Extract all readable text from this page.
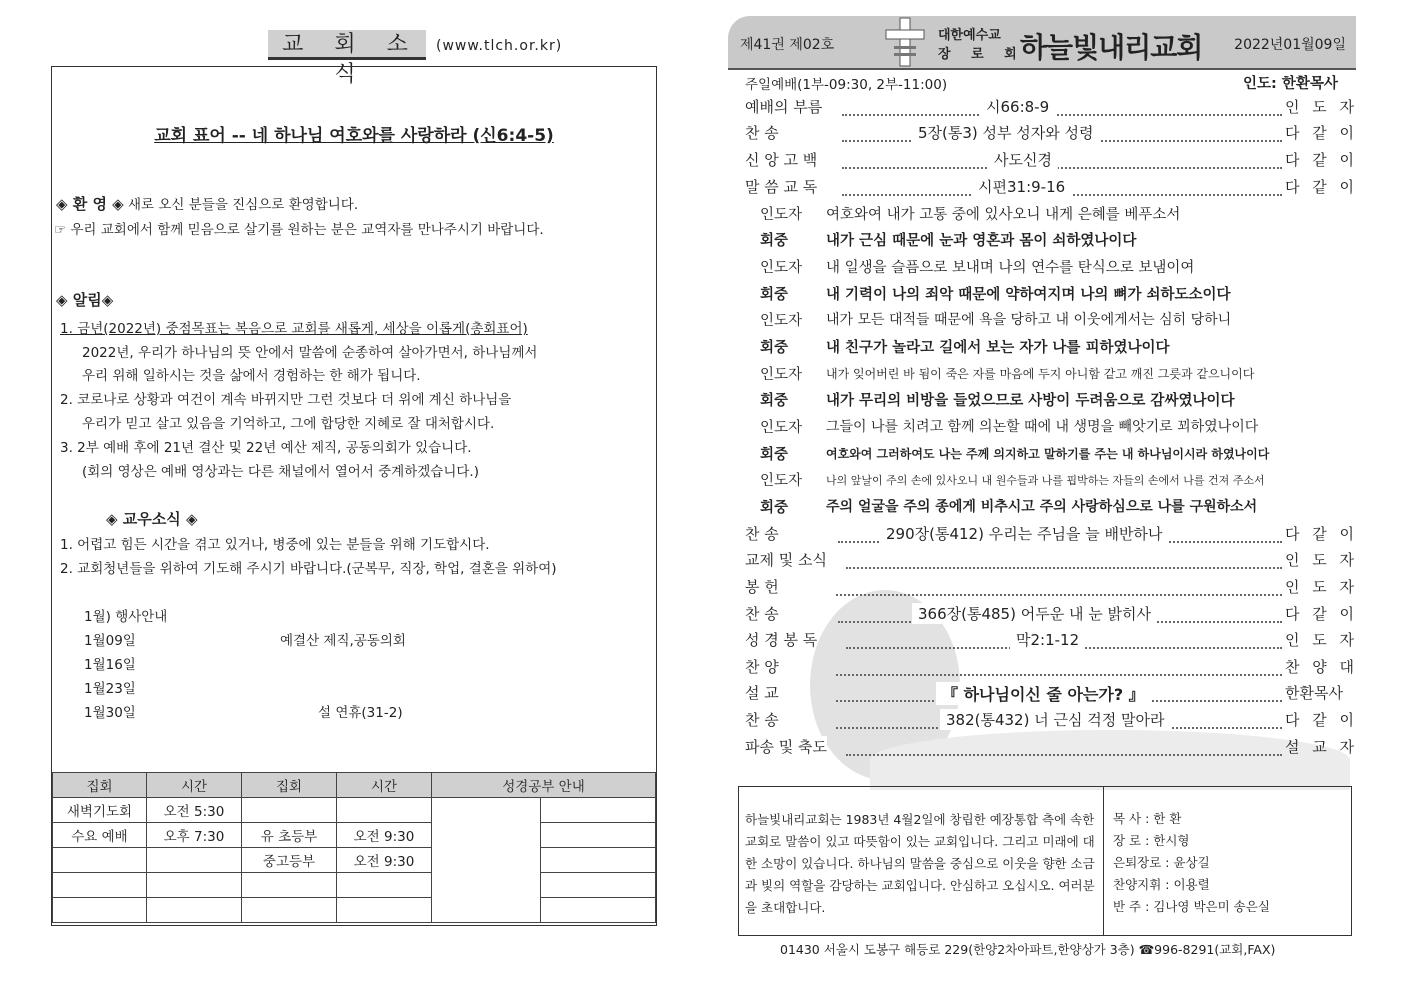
교 회 소 식
(www.tlch.or.kr)
교회 표어 -- 네 하나님 여호와를 사랑하라 (신6:4-5)
◈ 환 영 ◈ 새로 오신 분들을 진심으로 환영합니다.
☞ 우리 교회에서 함께 믿음으로 살기를 원하는 분은 교역자를 만나주시기 바랍니다.
◈ 알림◈
1. 금년(2022년) 중점목표는 복음으로 교회를 새롭게, 세상을 이롭게(총회표어)
2022년, 우리가 하나님의 뜻 안에서 말씀에 순종하여 살아가면서, 하나님께서
우리 위해 일하시는 것을 삶에서 경험하는 한 해가 됩니다.
2. 코로나로 상황과 여건이 계속 바뀌지만 그런 것보다 더 위에 계신 하나님을
우리가 믿고 살고 있음을 기억하고, 그에 합당한 지혜로 잘 대처합시다.
3. 2부 예배 후에 21년 결산 및 22년 예산 제직, 공동의회가 있습니다.
(회의 영상은 예배 영상과는 다른 채널에서 열어서 중계하겠습니다.)
◈ 교우소식 ◈
1. 어렵고 힘든 시간을 겪고 있거나, 병중에 있는 분들을 위해 기도합시다.
2. 교회청년들을 위하여 기도해 주시기 바랍니다.(군복무, 직장, 학업, 결혼을 위하여)
1월) 행사안내
1월09일	예결산 제직,공동의회
1월16일
1월23일
1월30일	설 연휴(31-2)
집회	시간	집회	시간	성경공부 안내	
새벽기도회	오전 5:30				
수요 예배	오후 7:30	유 초등부	오전 9:30		
		중고등부	오전 9:30		

제41권 제02호
대한예수교
장 로 회
하늘빛내리교회 2022년01월09일
주일예배(1부-09:30, 2부-11:00)	인도: 한환목사
예배의 부름	시66:8-9	인 도 자
찬 송	5장(통3) 성부 성자와 성령	다 같 이
신 앙 고 백	사도신경	다 같 이
말 씀 교 독	시편31:9-16	다 같 이
인도자 여호와여 내가 고통 중에 있사오니 내게 은혜를 베푸소서
회중	내가 근심 때문에 눈과 영혼과 몸이 쇠하였나이다
인도자 내 일생을 슬픔으로 보내며 나의 연수를 탄식으로 보냄이여
회중	내 기력이 나의 죄악 때문에 약하여지며 나의 뼈가 쇠하도소이다
인도자 내가 모든 대적들 때문에 욕을 당하고 내 이웃에게서는 심히 당하니
회중	내 친구가 놀라고 길에서 보는 자가 나를 피하였나이다
인도자 내가 잊어버린 바 됨이 죽은 자를 마음에 두지 아니함 같고 깨진 그릇과 같으니이다
회중	내가 무리의 비방을 들었으므로 사방이 두려움으로 감싸였나이다
인도자 그들이 나를 치려고 함께 의논할 때에 내 생명을 빼앗기로 꾀하였나이다
회중	여호와여 그러하여도 나는 주께 의지하고 말하기를 주는 내 하나님이시라 하였나이다
인도자 나의 앞날이 주의 손에 있사오니 내 원수들과 나를 핍박하는 자들의 손에서 나를 건져 주소서
회중	주의 얼굴을 주의 종에게 비추시고 주의 사랑하심으로 나를 구원하소서
찬 송	290장(통412) 우리는 주님을 늘 배반하나	다 같 이
교제 및 소식	인 도 자
봉 헌	인 도 자
찬 송	366장(통485) 어두운 내 눈 밝히사	다 같 이
성 경 봉 독	막2:1-12	인 도 자
찬 양	찬 양 대
설 교	『 하나님이신 줄 아는가? 』	한환목사
찬 송	382(통432) 너 근심 걱정 말아라	다 같 이
파송 및 축도	설 교 자
하늘빛내리교회는 1983년 4월2일에 창립한 예장통합 측에 속한 교회로 말씀이 있고 따뜻함이 있는 교회입니다. 그리고 미래에 대한 소망이 있습니다. 하나님의 말씀을 중심으로 이웃을 향한 소금과 빛의 역할을 감당하는 교회입니다. 안심하고 오십시오. 여러분을 초대합니다.
목 사 : 한 환
장 로 : 한시형
은퇴장로 : 윤상길
찬양지휘 : 이용렬
반 주 : 김나영 박은미 송은실
01430 서울시 도봉구 해등로 229(한양2차아파트,한양상가 3층) ☎996-8291(교회,FAX)
